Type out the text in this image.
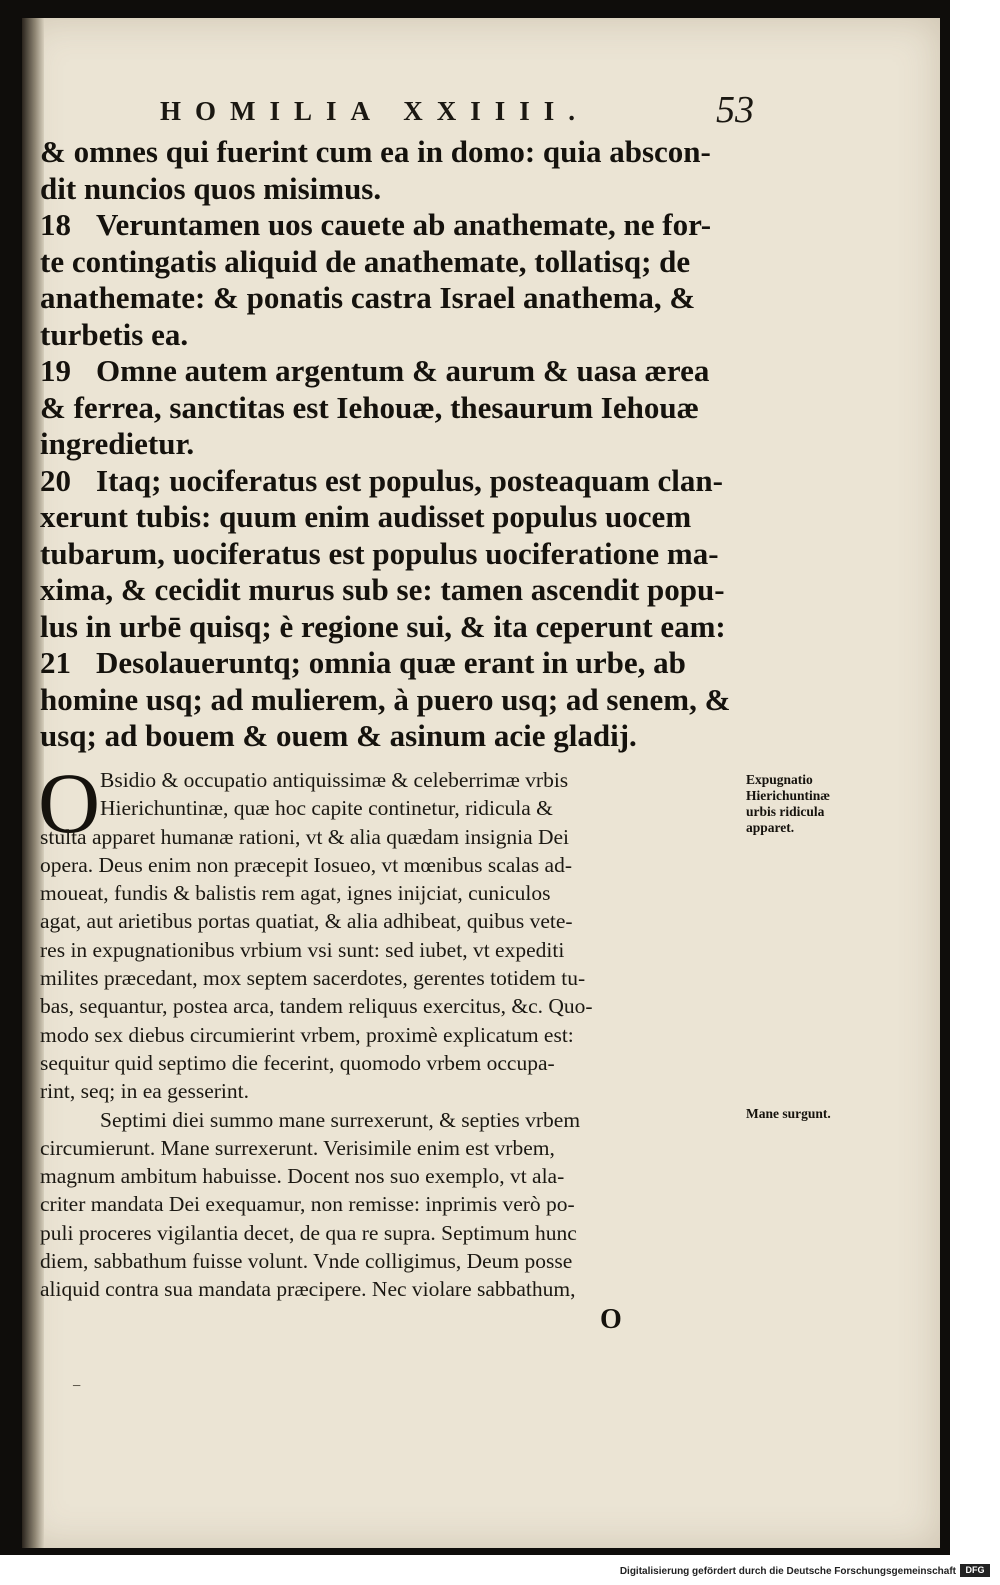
HOMILIA XXIIII.	53
& omnes qui fuerint cum ea in domo: quia abscon-
dit nuncios quos misimus.
18 Veruntamen uos cauete ab anathemate, ne for-
te contingatis aliquid de anathemate, tollatisq; de
anathemate: & ponatis castra Israel anathema, &
turbetis ea.
19 Omne autem argentum & aurum & uasa ærea
& ferrea, sanctitas est Iehouæ, thesaurum Iehouæ
ingredietur.
20 Itaq; uociferatus est populus, posteaquam clan-
xerunt tubis: quum enim audisset populus uocem
tubarum, uociferatus est populus uociferatione ma-
xima, & cecidit murus sub se: tamen ascendit popu-
lus in urbē quisq; è regione sui, & ita ceperunt eam:
21 Desolaueruntq; omnia quæ erant in urbe, ab
homine usq; ad mulierem, à puero usq; ad senem, &
usq; ad bouem & ouem & asinum acie gladij.
O Bsidio & occupatio antiquissimæ & celeberrimæ vrbis
Hierichuntinæ, quæ hoc capite continetur, ridicula &
stulta apparet humanæ rationi, vt & alia quædam insignia Dei
opera. Deus enim non præcepit Iosueo, vt mœnibus scalas ad-
moueat, fundis & balistis rem agat, ignes inijciat, cuniculos
agat, aut arietibus portas quatiat, & alia adhibeat, quibus vete-
res in expugnationibus vrbium vsi sunt: sed iubet, vt expediti
milites præcedant, mox septem sacerdotes, gerentes totidem tu-
bas, sequantur, postea arca, tandem reliquus exercitus, &c. Quo-
modo sex diebus circumierint vrbem, proximè explicatum est:
sequitur quid septimo die fecerint, quomodo vrbem occupa-
rint, seq; in ea gesserint.
Septimi diei summo mane surrexerunt, & septies vrbem
circumierunt. Mane surrexerunt. Verisimile enim est vrbem,
magnum ambitum habuisse. Docent nos suo exemplo, vt ala-
criter mandata Dei exequamur, non remisse: inprimis verò po-
puli proceres vigilantia decet, de qua re supra. Septimum hunc
diem, sabbathum fuisse volunt. Vnde colligimus, Deum posse
aliquid contra sua mandata præcipere. Nec violare sabbathum,
Expugnatio
Hierichuntinæ
urbis ridicula
apparet.
Mane surgunt.
O
−
Digitalisierung gefördert durch die Deutsche Forschungsgemeinschaft	DFG
